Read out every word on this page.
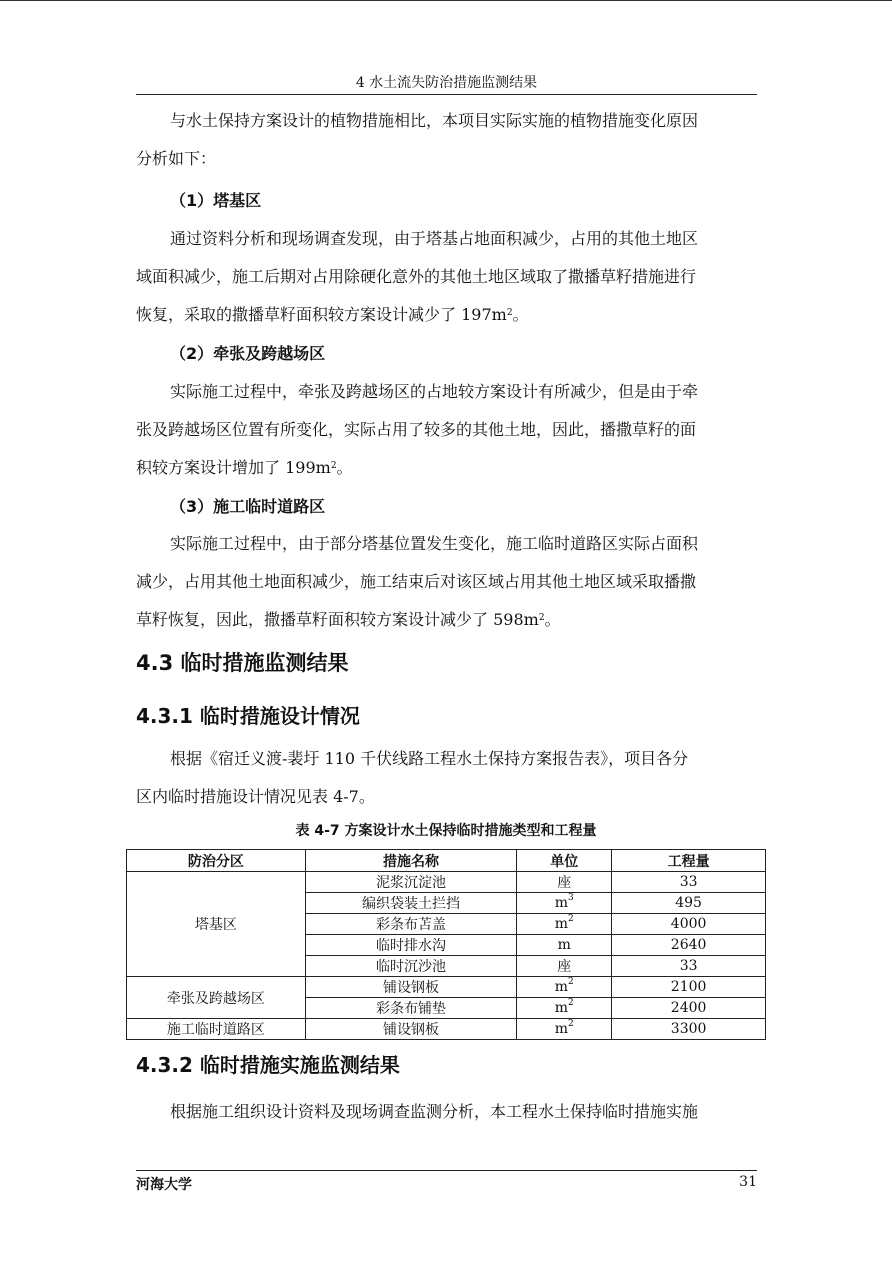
4 水土流失防治措施监测结果

与水土保持方案设计的植物措施相比，本项目实际实施的植物措施变化原因
分析如下：

（1）塔基区

通过资料分析和现场调查发现，由于塔基占地面积减少，占用的其他土地区
域面积减少，施工后期对占用除硬化意外的其他土地区域取了撒播草籽措施进行
恢复，采取的撒播草籽面积较方案设计减少了 $197m^2$。

（2）牵张及跨越场区

实际施工过程中，牵张及跨越场区的占地较方案设计有所减少，但是由于牵
张及跨越场区位置有所变化，实际占用了较多的其他土地，因此，播撒草籽的面
积较方案设计增加了 $199m^2$。

（3）施工临时道路区

实际施工过程中，由于部分塔基位置发生变化，施工临时道路区实际占面积
减少，占用其他土地面积减少，施工结束后对该区域占用其他土地区域采取播撒
草籽恢复，因此，撒播草籽面积较方案设计减少了 $598m^2$。

4.3 临时措施监测结果
4.3.1 临时措施设计情况

根据《宿迁义渡-裴圩 110 千伏线路工程水土保持方案报告表》，项目各分
区内临时措施设计情况见表 4-7。

表 4-7 方案设计水土保持临时措施类型和工程量
防治分区	措施名称	单位	工程量
塔基区	泥浆沉淀池	座	33
	编织袋装土拦挡	$m^3$	495
	彩条布苫盖	$m^2$	4000
	临时排水沟	m	2640
	临时沉沙池	座	33
牵张及跨越场区	铺设钢板	$m^2$	2100
	彩条布铺垫	$m^2$	2400
施工临时道路区	铺设钢板	$m^2$	3300
4.3.2 临时措施实施监测结果

根据施工组织设计资料及现场调查监测分析，本工程水土保持临时措施实施

河海大学	31
